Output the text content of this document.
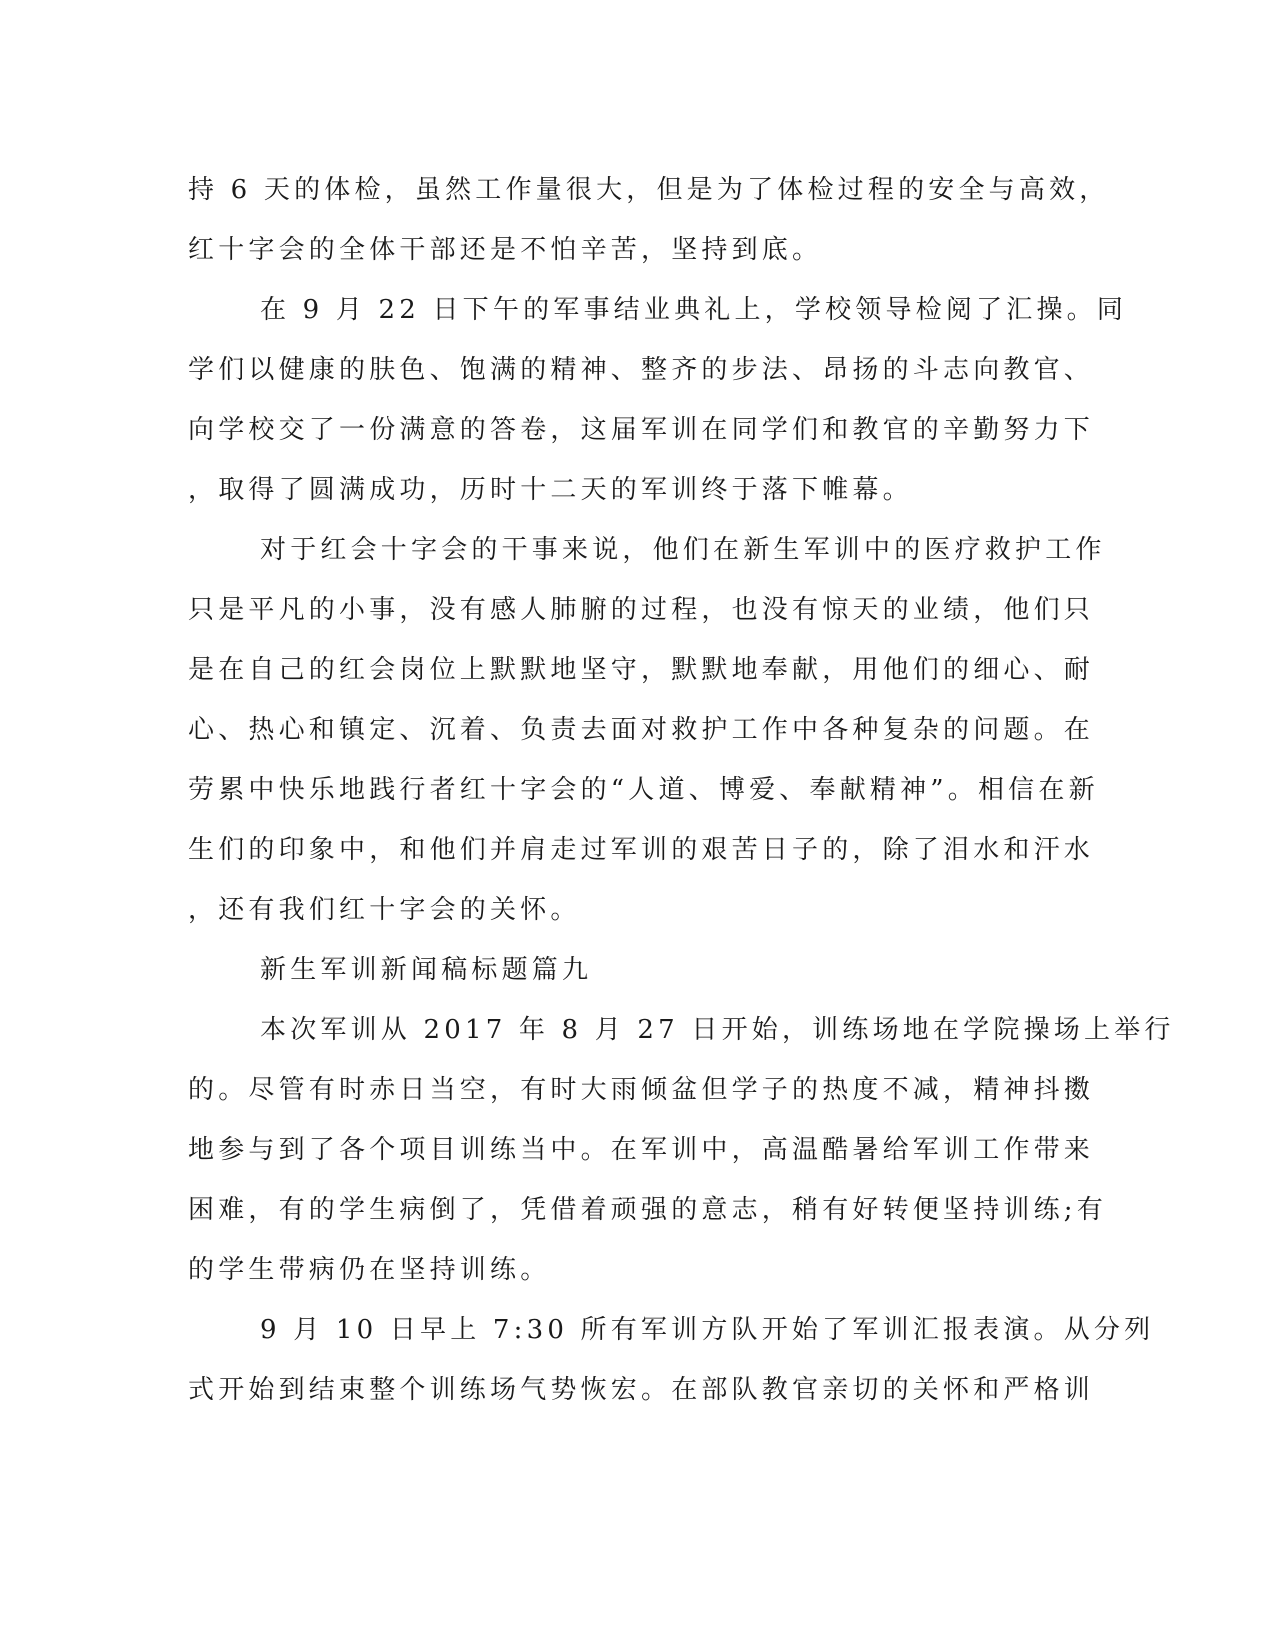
持 6 天的体检，虽然工作量很大，但是为了体检过程的安全与高效，
红十字会的全体干部还是不怕辛苦，坚持到底。
在 9 月 22 日下午的军事结业典礼上，学校领导检阅了汇操。同
学们以健康的肤色、饱满的精神、整齐的步法、昂扬的斗志向教官、
向学校交了一份满意的答卷，这届军训在同学们和教官的辛勤努力下
，取得了圆满成功，历时十二天的军训终于落下帷幕。
对于红会十字会的干事来说，他们在新生军训中的医疗救护工作
只是平凡的小事，没有感人肺腑的过程，也没有惊天的业绩，他们只
是在自己的红会岗位上默默地坚守，默默地奉献，用他们的细心、耐
心、热心和镇定、沉着、负责去面对救护工作中各种复杂的问题。在
劳累中快乐地践行者红十字会的“人道、博爱、奉献精神”。相信在新
生们的印象中，和他们并肩走过军训的艰苦日子的，除了泪水和汗水
，还有我们红十字会的关怀。
新生军训新闻稿标题篇九
本次军训从 2017 年 8 月 27 日开始，训练场地在学院操场上举行
的。尽管有时赤日当空，有时大雨倾盆但学子的热度不减，精神抖擞
地参与到了各个项目训练当中。在军训中，高温酷暑给军训工作带来
困难，有的学生病倒了，凭借着顽强的意志，稍有好转便坚持训练;有
的学生带病仍在坚持训练。
9 月 10 日早上 7:30 所有军训方队开始了军训汇报表演。从分列
式开始到结束整个训练场气势恢宏。在部队教官亲切的关怀和严格训
